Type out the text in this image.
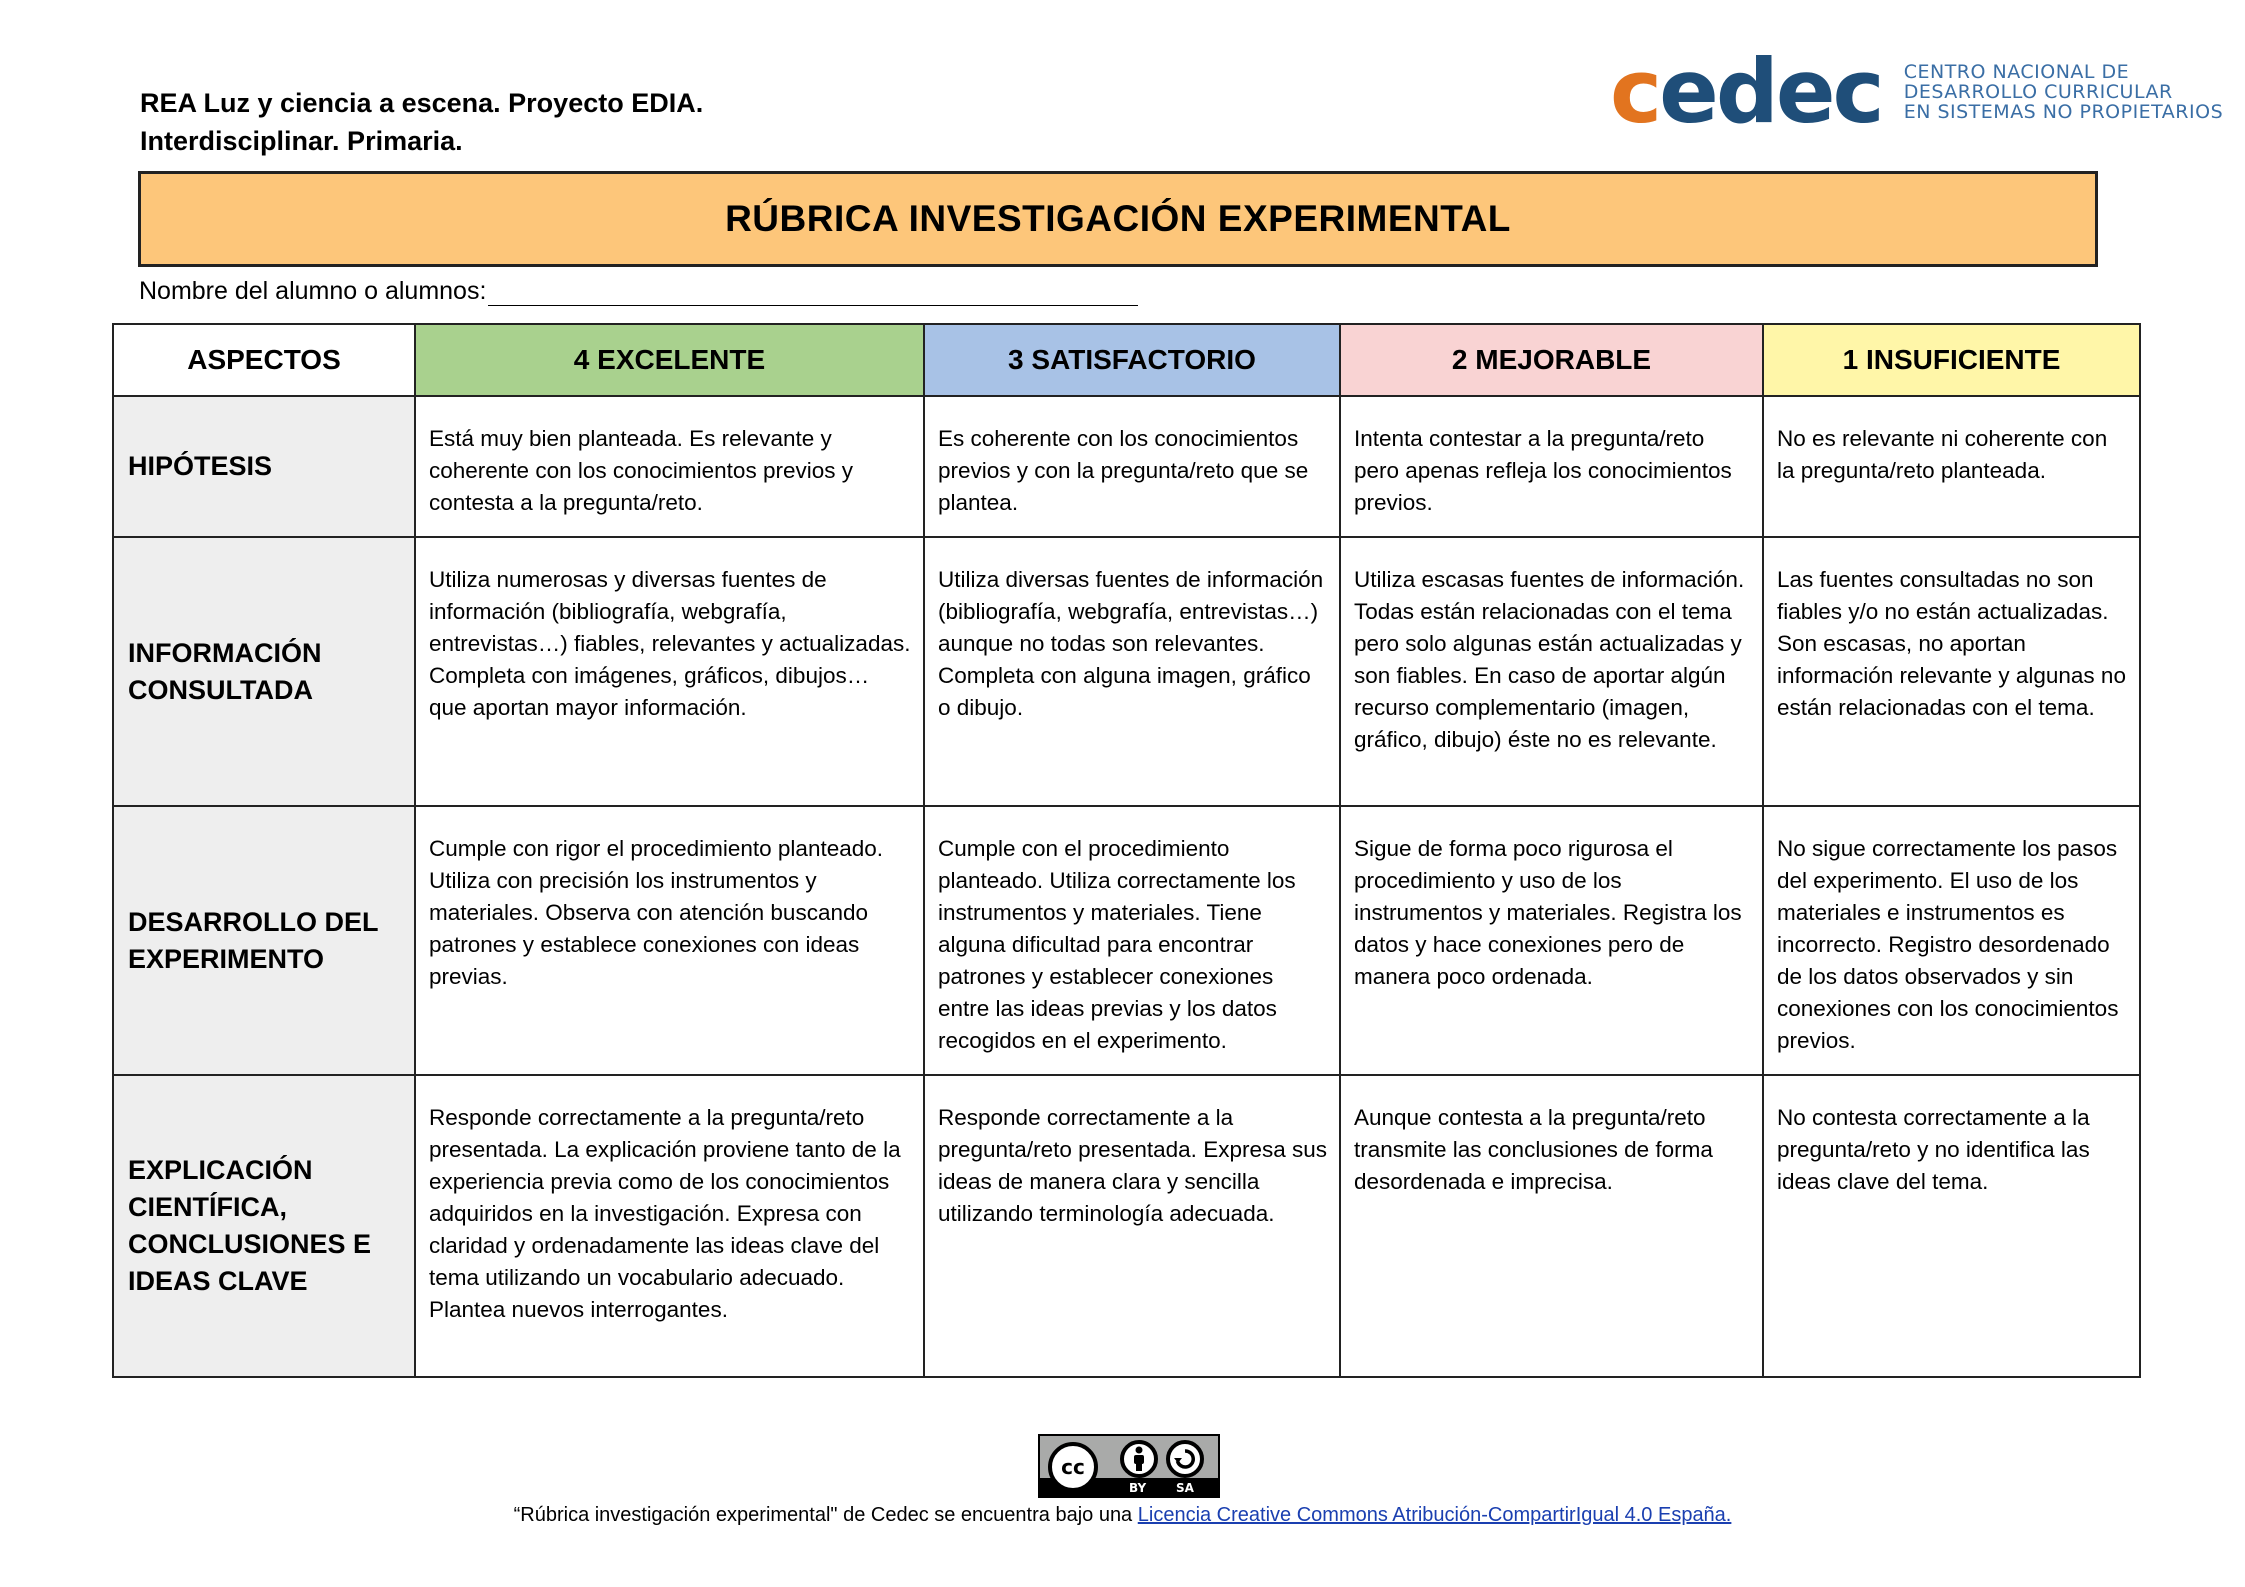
REA Luz y ciencia a escena. Proyecto EDIA.
Interdisciplinar. Primaria.	cedec CENTRO NACIONAL DE
DESARROLLO CURRICULAR
EN SISTEMAS NO PROPIETARIOS
RÚBRICA INVESTIGACIÓN EXPERIMENTAL
Nombre del alumno o alumnos:
ASPECTOS	4 EXCELENTE	3 SATISFACTORIO	2 MEJORABLE	1 INSUFICIENTE
HIPÓTESIS	Está muy bien planteada. Es relevante y coherente con los conocimientos previos y contesta a la pregunta/reto.	Es coherente con los conocimientos previos y con la pregunta/reto que se plantea.	Intenta contestar a la pregunta/reto pero apenas refleja los conocimientos previos.	No es relevante ni coherente con la pregunta/reto planteada.
INFORMACIÓN CONSULTADA	Utiliza numerosas y diversas fuentes de información (bibliografía, webgrafía, entrevistas…) fiables, relevantes y actualizadas. Completa con imágenes, gráficos, dibujos… que aportan mayor información.	Utiliza diversas fuentes de información (bibliografía, webgrafía, entrevistas…) aunque no todas son relevantes. Completa con alguna imagen, gráfico o dibujo.	Utiliza escasas fuentes de información. Todas están relacionadas con el tema pero solo algunas están actualizadas y son fiables. En caso de aportar algún recurso complementario (imagen, gráfico, dibujo) éste no es relevante.	Las fuentes consultadas no son fiables y/o no están actualizadas. Son escasas, no aportan información relevante y algunas no están relacionadas con el tema.
DESARROLLO DEL EXPERIMENTO	Cumple con rigor el procedimiento planteado. Utiliza con precisión los instrumentos y materiales. Observa con atención buscando patrones y establece conexiones con ideas previas.	Cumple con el procedimiento planteado. Utiliza correctamente los instrumentos y materiales. Tiene alguna dificultad para encontrar patrones y establecer conexiones entre las ideas previas y los datos recogidos en el experimento.	Sigue de forma poco rigurosa el procedimiento y uso de los instrumentos y materiales. Registra los datos y hace conexiones pero de manera poco ordenada.	No sigue correctamente los pasos del experimento. El uso de los materiales e instrumentos es incorrecto. Registro desordenado de los datos observados y sin conexiones con los conocimientos previos.
EXPLICACIÓN CIENTÍFICA, CONCLUSIONES E IDEAS CLAVE	Responde correctamente a la pregunta/reto presentada. La explicación proviene tanto de la experiencia previa como de los conocimientos adquiridos en la investigación. Expresa con claridad y ordenadamente las ideas clave del tema utilizando un vocabulario adecuado. Plantea nuevos interrogantes.	Responde correctamente a la pregunta/reto presentada. Expresa sus ideas de manera clara y sencilla utilizando terminología adecuada.	Aunque contesta a la pregunta/reto transmite las conclusiones de forma desordenada e imprecisa.	No contesta correctamente a la pregunta/reto y no identifica las ideas clave del tema.
cc
BY SA
“Rúbrica investigación experimental" de Cedec se encuentra bajo una Licencia Creative Commons Atribución-CompartirIgual 4.0 España.
